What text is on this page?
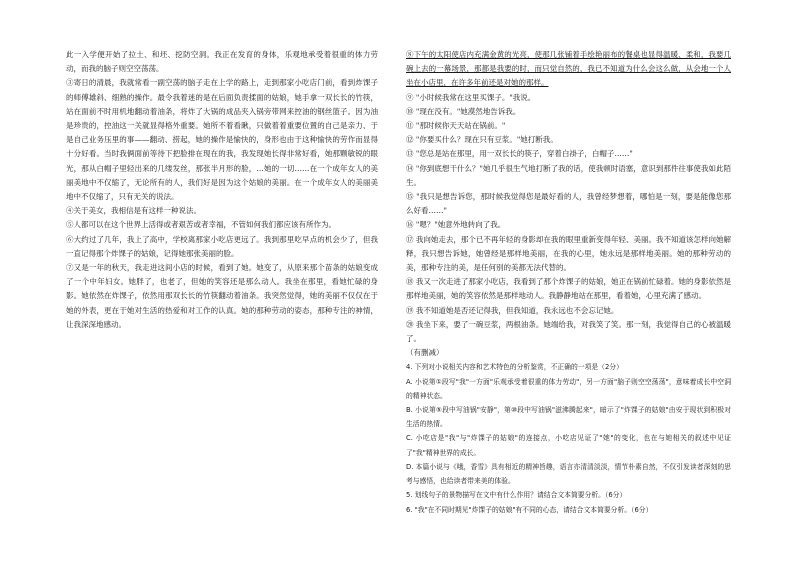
此一入学便开始了拉土、和坯、挖防空洞。我正在发育的身体，乐观地承受着很重的体力劳动，而我的脑子则空空荡荡。

③寄日的清晨，我就常看一副空荡的脑子走在上学的路上，走到那家小吃店门前，看到炸馃子的师傅雄斜、细熟的操作。最令我着迷的是在后面负责揉面的姑娘，她手拿一双长长的竹筷，站在面前不时用机地翻动着油条，将炸了大锅的成品夹入锅旁带网来控油的钢丝篮子。因为油是珍贵的，控油这一关就显得格外重要。她所不着看瞅，只做着着重要位置的自己是亲力、于是自己业务压里的事——翻动、捞起，她的操作是愉快的，身形也由于这种愉快的劳作而显得十分好看。当时我俩面前等待下把脸排在现在的我，我发现她长得非常好看，她那颗敏锐的眼光，那从白帽子里轻出来的几缕发丝，那张半月形的脸，…她的一切……在一个成年女人的美丽美地中不仅缩了，无论所有的人，我们好是因为这个姑娘的美丽。在一个成年女人的美丽美地中不仅缩了，只有无关的说法。

④关于美女，我相信是有这样一种说法。

⑤人都可以在这个世界上活得或者艰苦或者幸福，不管如何我们都应该有所作为。

⑥大约过了几年，我上了高中，学校离那家小吃店更远了。我到那里吃早点的机会少了，但我一直记得那个炸馃子的姑娘，记得她那张美丽的脸。

⑦又是一年的秋天，我走进这间小店的时候，看到了她。她变了，从原来那个苗条的姑娘变成了一个中年妇女。她胖了，也老了，但她的笑容还是那么动人。我坐在那里，看她忙碌的身影。她依然在炸馃子，依然用那双长长的竹筷翻动着油条。我突然觉得，她的美丽不仅仅在于她的外表，更在于她对生活的热爱和对工作的认真。她的那种劳动的姿态，那种专注的神情，让我深深地感动。

⑧下午的太阳使店内充满金黄的光亮，使那几张铺着手绘艳丽布的餐桌也显得温暖、柔和，我要几碗上去的一幕场景，那都是我要的时，而只觉自然的，我已不知道为什么会这么做，从会地一个人坐在小店里，在许多年前还是对她的那样。

⑨ "小时候我常在这里买馃子。"我说。

⑩ "现在没有。"她漠然地告诉我。

⑪ "那时候你天天站在锅前。"

⑫ "你要买什么？现在只有豆浆。"她打断我。

⑬ "您总是站在那里，用一双长长的筷子，穿着白褂子，白帽子……"

⑭ "你到底想干什么？"她几乎很生气地打断了我的话，使我顿时语塞，意识到那件往事使我如此陌生。

⑮ "我只是想告诉您，那时候我觉得您是最好看的人，我曾经梦想着，哪怕是一刻，要是能像您那么好看……"

⑯ "嗯？"她意外地转向了我。

⑰ 我向她走去，那个已不再年轻的身影却在我的眼里重新变得年轻、美丽。我不知道该怎样向她解释，我只想告诉她，她曾经是那样地美丽，在我的心里，她永远是那样地美丽。她的那种劳动的美，那种专注的美，是任何别的美都无法代替的。

⑱ 我又一次走进了那家小吃店，我看到了那个炸馃子的姑娘，她正在锅前忙碌着。她的身影依然是那样地美丽，她的笑容依然是那样地动人。我静静地站在那里，看着她，心里充满了感动。

⑲ 我不知道她是否还记得我，但我知道，我永远也不会忘记她。

⑳ 我坐下来，要了一碗豆浆，两根油条。她端给我，对我笑了笑。那一刻，我觉得自己的心被温暖了。

（有删减）

4. 下列对小说相关内容和艺术特色的分析鉴赏，不正确的一项是（2分）

A. 小说第①段写"我"一方面"乐观承受着很重的体力劳动"，另一方面"脑子则空空荡荡"，意味着成长中空洞的精神状态。

B. 小说第⑤段中写油锅"安静"，第⑩段中写油锅"滋沸腾起来"，暗示了"炸馃子的姑娘"由安于现状到积极对生活的热情。

C. 小吃店是"我"与"炸馃子的姑娘"的连接点，小吃店见证了"她"的变化，也在与她相关的叙述中见证了"我"精神世界的成长。

D. 本篇小说与《哦，香雪》具有相近的精神旨趣，语言亦清清淡淡，情节朴素自然，不仅引发读者深刻的思考与感悟，也给读者带来美的体验。

5. 划线句子的景物描写在文中有什么作用？请结合文本简要分析。（6分）

6. "我"在不同时期见"炸馃子的姑娘"有不同的心态，请结合文本简要分析。（6分）
